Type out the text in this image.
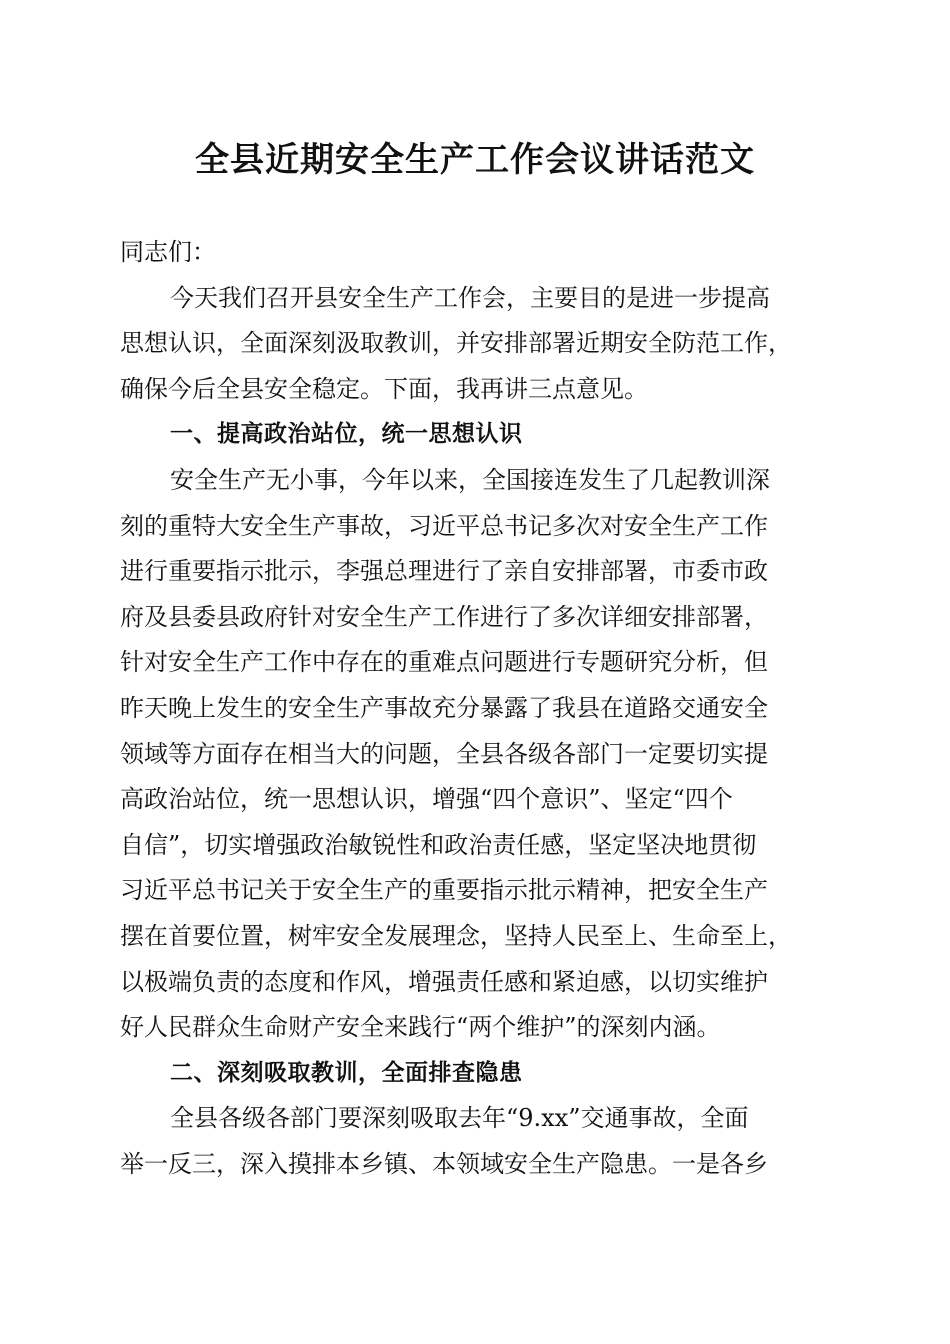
全县近期安全生产工作会议讲话范文
同志们：
今天我们召开县安全生产工作会，主要目的是进一步提高
思想认识，全面深刻汲取教训，并安排部署近期安全防范工作，
确保今后全县安全稳定。下面，我再讲三点意见。
一、提高政治站位，统一思想认识
安全生产无小事，今年以来，全国接连发生了几起教训深
刻的重特大安全生产事故，习近平总书记多次对安全生产工作
进行重要指示批示，李强总理进行了亲自安排部署，市委市政
府及县委县政府针对安全生产工作进行了多次详细安排部署，
针对安全生产工作中存在的重难点问题进行专题研究分析，但
昨天晚上发生的安全生产事故充分暴露了我县在道路交通安全
领域等方面存在相当大的问题，全县各级各部门一定要切实提
高政治站位，统一思想认识，增强“四个意识”、坚定“四个
自信”，切实增强政治敏锐性和政治责任感，坚定坚决地贯彻
习近平总书记关于安全生产的重要指示批示精神，把安全生产
摆在首要位置，树牢安全发展理念，坚持人民至上、生命至上，
以极端负责的态度和作风，增强责任感和紧迫感，以切实维护
好人民群众生命财产安全来践行“两个维护”的深刻内涵。
二、深刻吸取教训，全面排查隐患
全县各级各部门要深刻吸取去年“9.xx”交通事故，全面
举一反三，深入摸排本乡镇、本领域安全生产隐患。一是各乡
